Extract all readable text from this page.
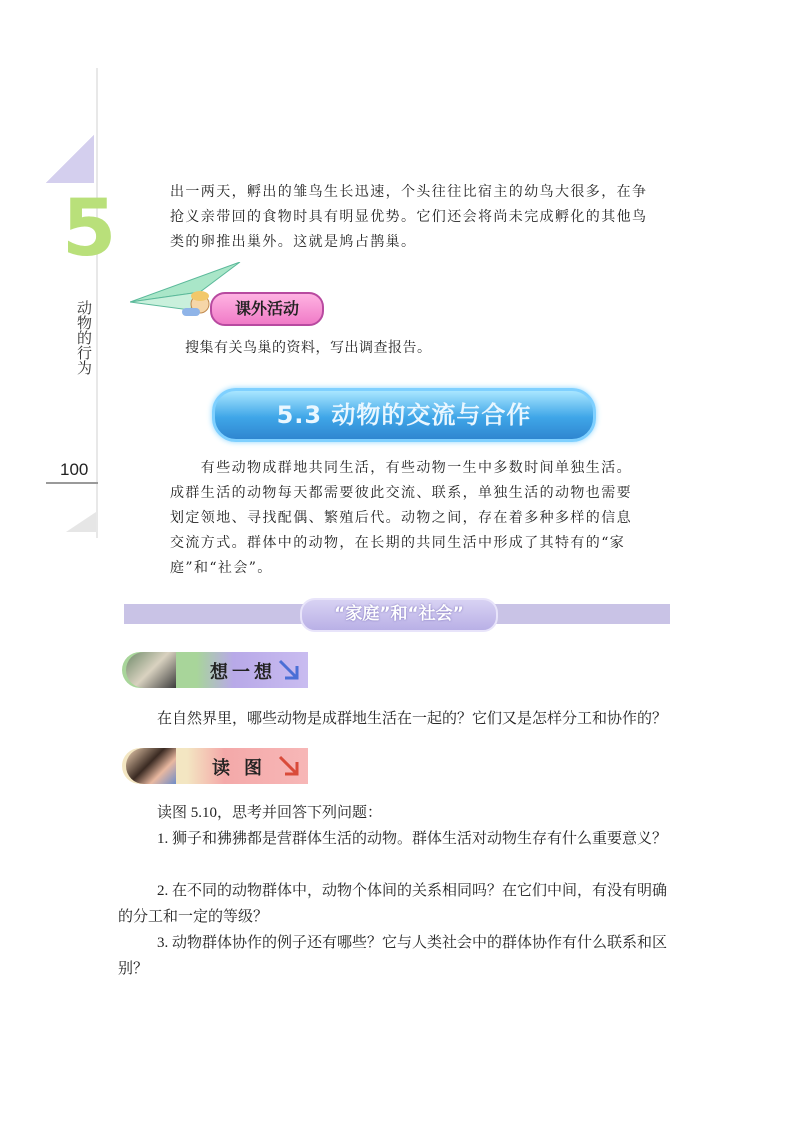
5
动物的行为
100
出一两天，孵出的雏鸟生长迅速，个头往往比宿主的幼鸟大很多，在争抢义亲带回的食物时具有明显优势。它们还会将尚未完成孵化的其他鸟类的卵推出巢外。这就是鸠占鹊巢。
课外活动
搜集有关鸟巢的资料，写出调查报告。
5.3 动物的交流与合作
有些动物成群地共同生活，有些动物一生中多数时间单独生活。成群生活的动物每天都需要彼此交流、联系，单独生活的动物也需要划定领地、寻找配偶、繁殖后代。动物之间，存在着多种多样的信息交流方式。群体中的动物，在长期的共同生活中形成了其特有的“家庭”和“社会”。
“家庭”和“社会”
想一想
在自然界里，哪些动物是成群地生活在一起的？它们又是怎样分工和协作的？
读图
读图 5.10，思考并回答下列问题：
1. 狮子和狒狒都是营群体生活的动物。群体生活对动物生存有什么重要意义？
2. 在不同的动物群体中，动物个体间的关系相同吗？在它们中间，有没有明确的分工和一定的等级？
3. 动物群体协作的例子还有哪些？它与人类社会中的群体协作有什么联系和区别？
